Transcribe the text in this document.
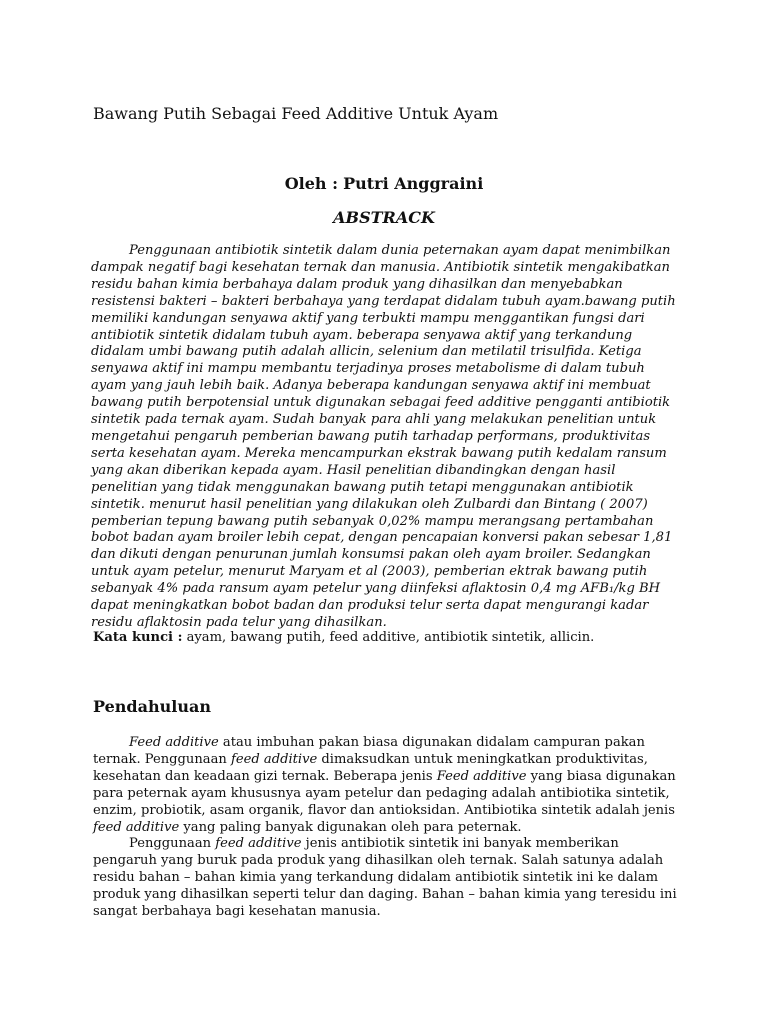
Bawang Putih Sebagai Feed Additive Untuk Ayam

Oleh : Putri Anggraini

ABSTRACK

Penggunaan antibiotik sintetik dalam dunia peternakan ayam dapat menimbilkan dampak negatif bagi kesehatan ternak dan manusia. Antibiotik sintetik mengakibatkan residu bahan kimia berbahaya dalam produk yang dihasilkan dan menyebabkan resistensi bakteri – bakteri berbahaya yang terdapat didalam tubuh ayam.bawang putih memiliki kandungan senyawa aktif yang terbukti mampu menggantikan fungsi dari antibiotik sintetik didalam tubuh ayam. beberapa senyawa aktif yang terkandung didalam umbi bawang putih adalah allicin, selenium dan metilatil trisulfida. Ketiga senyawa aktif ini mampu membantu terjadinya proses metabolisme di dalam tubuh ayam yang jauh lebih baik. Adanya beberapa kandungan senyawa aktif ini membuat bawang putih berpotensial untuk digunakan sebagai feed additive pengganti antibiotik sintetik pada ternak ayam. Sudah banyak para ahli yang melakukan penelitian untuk mengetahui pengaruh pemberian bawang putih tarhadap performans, produktivitas serta kesehatan ayam. Mereka mencampurkan ekstrak bawang putih kedalam ransum yang akan diberikan kepada ayam. Hasil penelitian dibandingkan dengan hasil penelitian yang tidak menggunakan bawang putih tetapi menggunakan antibiotik sintetik. menurut hasil penelitian yang dilakukan oleh Zulbardi dan Bintang ( 2007) pemberian tepung bawang putih sebanyak 0,02% mampu merangsang pertambahan bobot badan ayam broiler lebih cepat, dengan pencapaian konversi pakan sebesar 1,81 dan dikuti dengan penurunan jumlah konsumsi pakan oleh ayam broiler. Sedangkan untuk ayam petelur, menurut Maryam et al (2003), pemberian ektrak bawang putih sebanyak 4% pada ransum ayam petelur yang diinfeksi aflaktosin 0,4 mg AFB₁/kg BH dapat meningkatkan bobot badan dan produksi telur serta dapat mengurangi kadar residu aflaktosin pada telur yang dihasilkan.

Kata kunci : ayam, bawang putih, feed additive, antibiotik sintetik, allicin.

Pendahuluan

Feed additive atau imbuhan pakan biasa digunakan didalam campuran pakan ternak. Penggunaan feed additive dimaksudkan untuk meningkatkan produktivitas, kesehatan dan keadaan gizi ternak. Beberapa jenis Feed additive yang biasa digunakan para peternak ayam khususnya ayam petelur dan pedaging adalah antibiotika sintetik, enzim, probiotik, asam organik, flavor dan antioksidan. Antibiotika sintetik adalah jenis feed additive yang paling banyak digunakan oleh para peternak.

Penggunaan feed additive jenis antibiotik sintetik ini banyak memberikan pengaruh yang buruk pada produk yang dihasilkan oleh ternak. Salah satunya adalah residu bahan – bahan kimia yang terkandung didalam antibiotik sintetik ini ke dalam produk yang dihasilkan seperti telur dan daging. Bahan – bahan kimia yang teresidu ini sangat berbahaya bagi kesehatan manusia.
